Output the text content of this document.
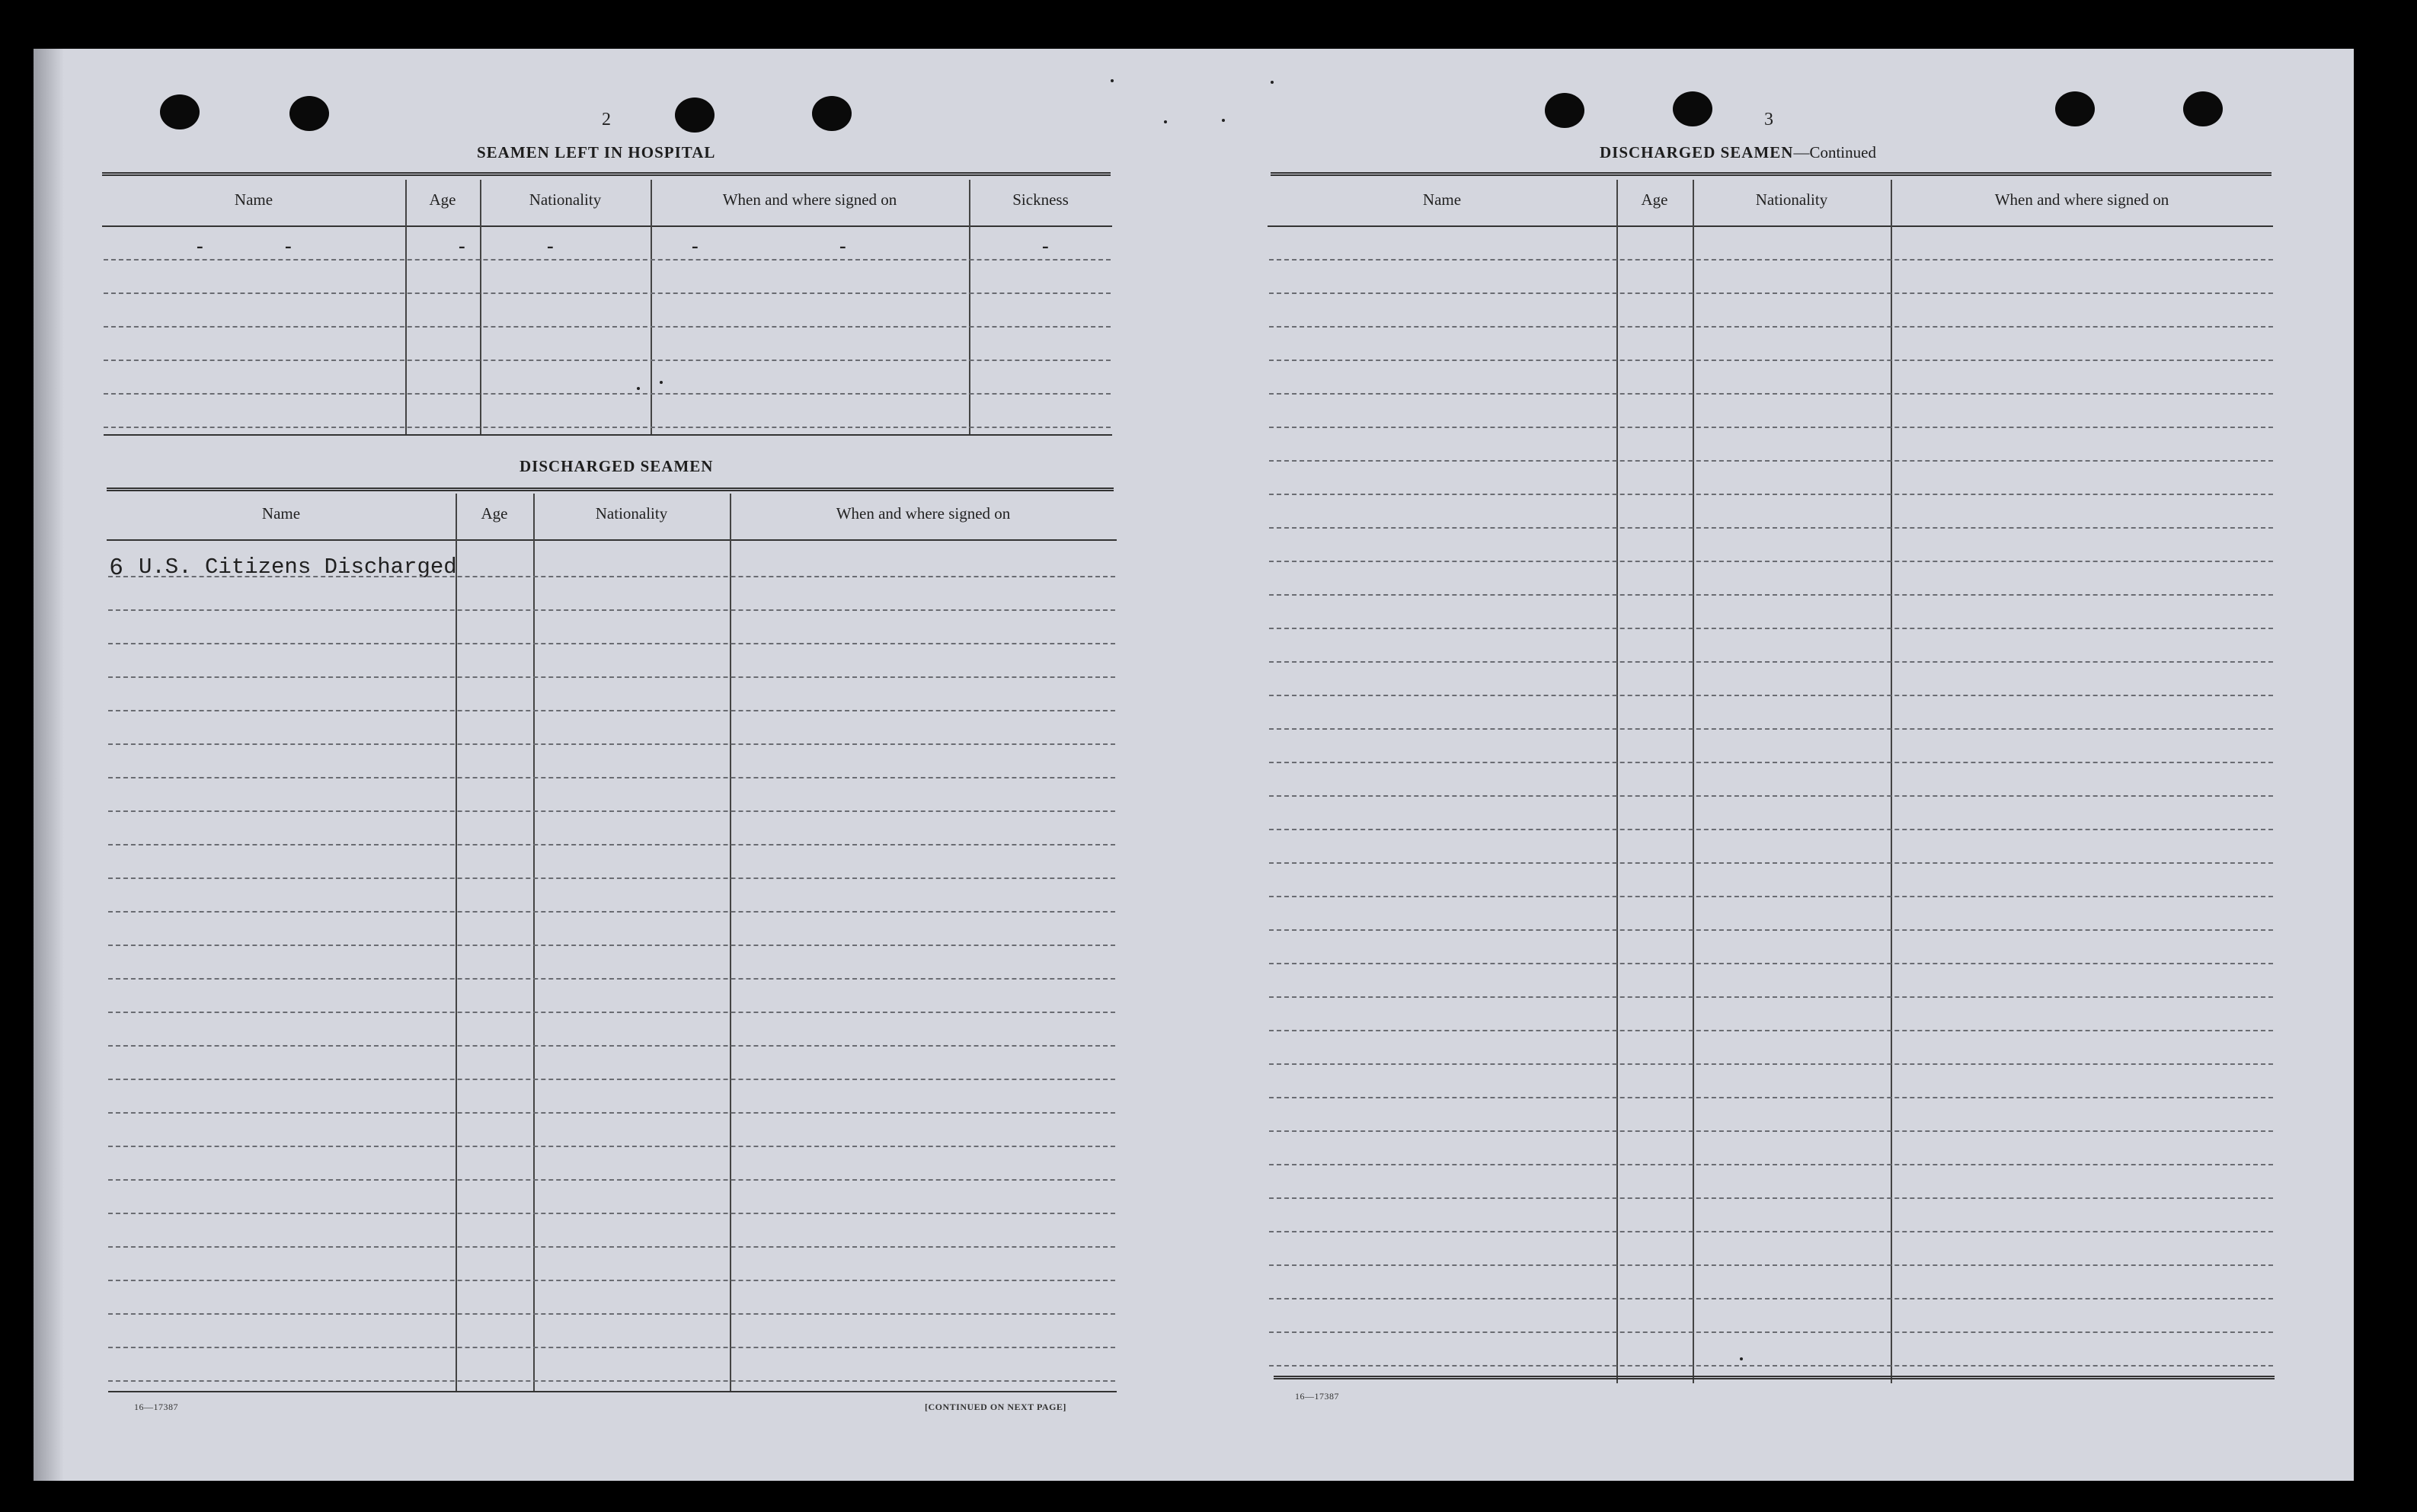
2
SEAMEN LEFT IN HOSPITAL
Name	Age	Nationality	When and where signed on	Sickness
-	-	-	-	-	-	-
DISCHARGED SEAMEN
Name	Age	Nationality	When and where signed on
6 U.S. Citizens Discharged
16—17387	[CONTINUED ON NEXT PAGE]
3
DISCHARGED SEAMEN—Continued
Name	Age	Nationality	When and where signed on
16—17387
